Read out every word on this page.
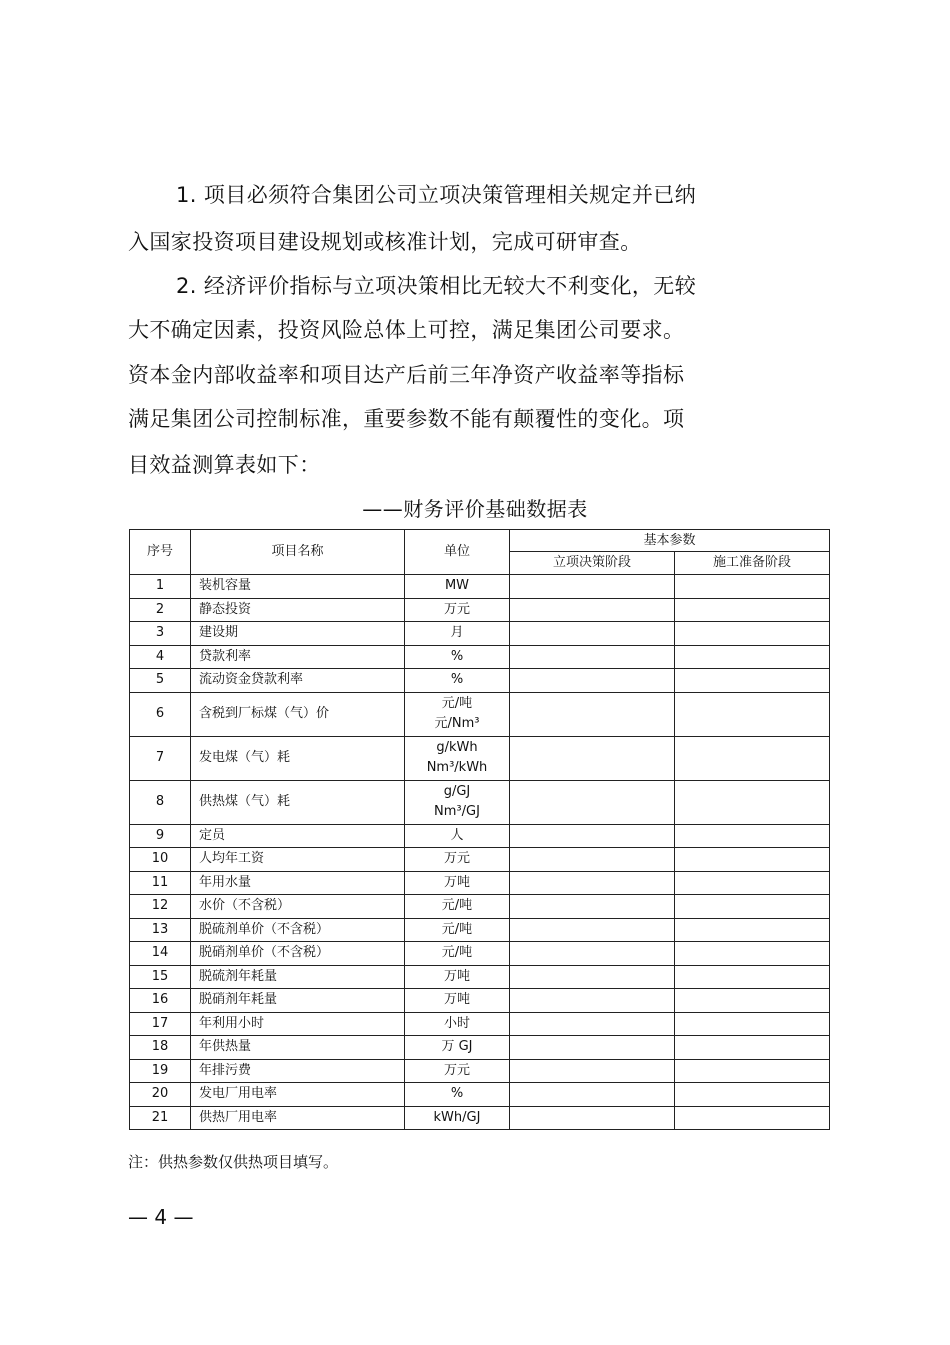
1. 项目必须符合集团公司立项决策管理相关规定并已纳
入国家投资项目建设规划或核准计划，完成可研审查。
2. 经济评价指标与立项决策相比无较大不利变化，无较
大不确定因素，投资风险总体上可控，满足集团公司要求。
资本金内部收益率和项目达产后前三年净资产收益率等指标
满足集团公司控制标准，重要参数不能有颠覆性的变化。项
目效益测算表如下：
——财务评价基础数据表
序号	项目名称	单位	基本参数	
			立项决策阶段	施工准备阶段
1	装机容量	MW		

2	静态投资	万元		

3	建设期	月		

4	贷款利率	%		

5	流动资金贷款利率	%		

6	含税到厂标煤（气）价	元/吨
元/Nm³		

7	发电煤（气）耗	g/kWh
Nm³/kWh		

8	供热煤（气）耗	g/GJ
Nm³/GJ		

9	定员	人		

10	人均年工资	万元		

11	年用水量	万吨		

12	水价（不含税）	元/吨		

13	脱硫剂单价（不含税）	元/吨		

14	脱硝剂单价（不含税）	元/吨		

15	脱硫剂年耗量	万吨		

16	脱硝剂年耗量	万吨		

17	年利用小时	小时		

18	年供热量	万 GJ		

19	年排污费	万元		

20	发电厂用电率	%		

21	供热厂用电率	kWh/GJ		

注：供热参数仅供热项目填写。
— 4 —
